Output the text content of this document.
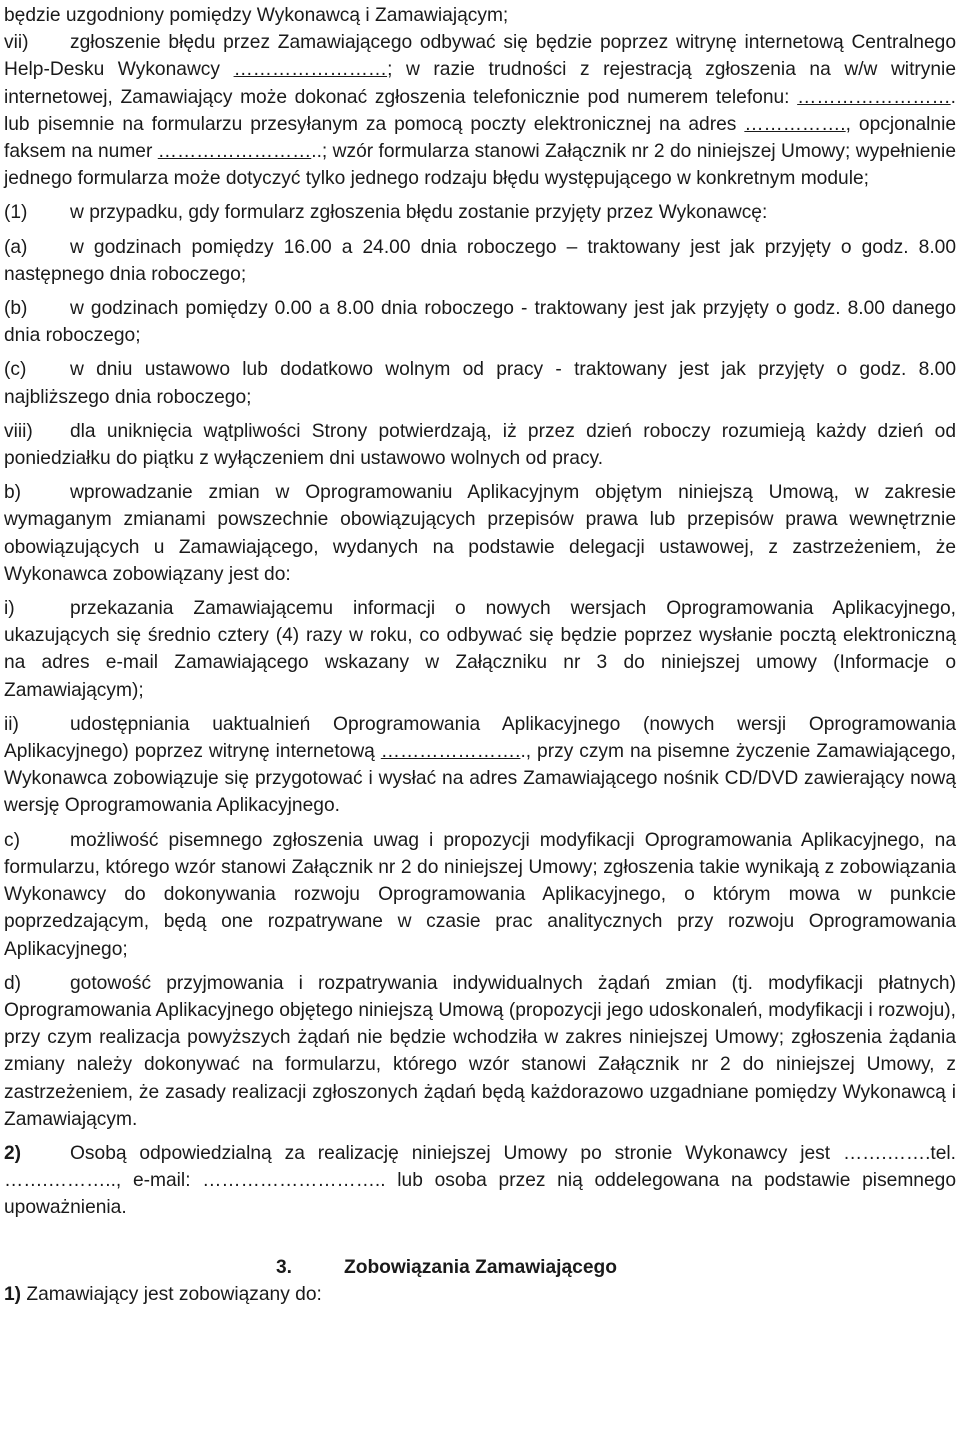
będzie uzgodniony pomiędzy Wykonawcą i Zamawiającym;

vii) zgłoszenie błędu przez Zamawiającego odbywać się będzie poprzez witrynę internetową Centralnego Help-Desku Wykonawcy ……………………; w razie trudności z rejestracją zgłoszenia na w/w witrynie internetowej, Zamawiający może dokonać zgłoszenia telefonicznie pod numerem telefonu: ……………………. lub pisemnie na formularzu przesyłanym za pomocą poczty elektronicznej na adres ……………., opcjonalnie faksem na numer ……………………..; wzór formularza stanowi Załącznik nr 2 do niniejszej Umowy; wypełnienie jednego formularza może dotyczyć tylko jednego rodzaju błędu występującego w konkretnym module;

(1) w przypadku, gdy formularz zgłoszenia błędu zostanie przyjęty przez Wykonawcę:

(a) w godzinach pomiędzy 16.00 a 24.00 dnia roboczego – traktowany jest jak przyjęty o godz. 8.00 następnego dnia roboczego;

(b) w godzinach pomiędzy 0.00 a 8.00 dnia roboczego - traktowany jest jak przyjęty o godz. 8.00 danego dnia roboczego;

(c) w dniu ustawowo lub dodatkowo wolnym od pracy - traktowany jest jak przyjęty o godz. 8.00 najbliższego dnia roboczego;

viii) dla uniknięcia wątpliwości Strony potwierdzają, iż przez dzień roboczy rozumieją każdy dzień od poniedziałku do piątku z wyłączeniem dni ustawowo wolnych od pracy.

b)	wprowadzanie zmian w Oprogramowaniu Aplikacyjnym objętym niniejszą Umową, w zakresie wymaganym zmianami powszechnie obowiązujących przepisów prawa lub przepisów prawa wewnętrznie obowiązujących u Zamawiającego, wydanych na podstawie delegacji ustawowej, z zastrzeżeniem, że Wykonawca zobowiązany jest do:

i)	przekazania Zamawiającemu informacji o nowych wersjach Oprogramowania Aplikacyjnego, ukazujących się średnio cztery (4) razy w roku, co odbywać się będzie poprzez wysłanie pocztą elektroniczną na adres e-mail Zamawiającego wskazany w Załączniku nr 3 do niniejszej umowy (Informacje o Zamawiającym);

ii)	udostępniania uaktualnień Oprogramowania Aplikacyjnego (nowych wersji Oprogramowania Aplikacyjnego) poprzez witrynę internetową ………………….., przy czym na pisemne życzenie Zamawiającego, Wykonawca zobowiązuje się przygotować i wysłać na adres Zamawiającego nośnik CD/DVD zawierający nową wersję Oprogramowania Aplikacyjnego.

c)	możliwość pisemnego zgłoszenia uwag i propozycji modyfikacji Oprogramowania Aplikacyjnego, na formularzu, którego wzór stanowi Załącznik nr 2 do niniejszej Umowy; zgłoszenia takie wynikają z zobowiązania Wykonawcy do dokonywania rozwoju Oprogramowania Aplikacyjnego, o którym mowa w punkcie poprzedzającym, będą one rozpatrywane w czasie prac analitycznych przy rozwoju Oprogramowania Aplikacyjnego;

d)	gotowość przyjmowania i rozpatrywania indywidualnych żądań zmian (tj. modyfikacji płatnych) Oprogramowania Aplikacyjnego objętego niniejszą Umową (propozycji jego udoskonaleń, modyfikacji i rozwoju), przy czym realizacja powyższych żądań nie będzie wchodziła w zakres niniejszej Umowy; zgłoszenia żądania zmiany należy dokonywać na formularzu, którego wzór stanowi Załącznik nr 2 do niniejszej Umowy, z zastrzeżeniem, że zasady realizacji zgłoszonych żądań będą każdorazowo uzgadniane pomiędzy Wykonawcą i Zamawiającym.

2)	Osobą odpowiedzialną za realizację niniejszej Umowy po stronie Wykonawcy jest …….…….tel. …….……….., e-mail: ……………………….. lub osoba przez nią oddelegowana na podstawie pisemnego upoważnienia.

3.	Zobowiązania Zamawiającego

1) Zamawiający jest zobowiązany do:
